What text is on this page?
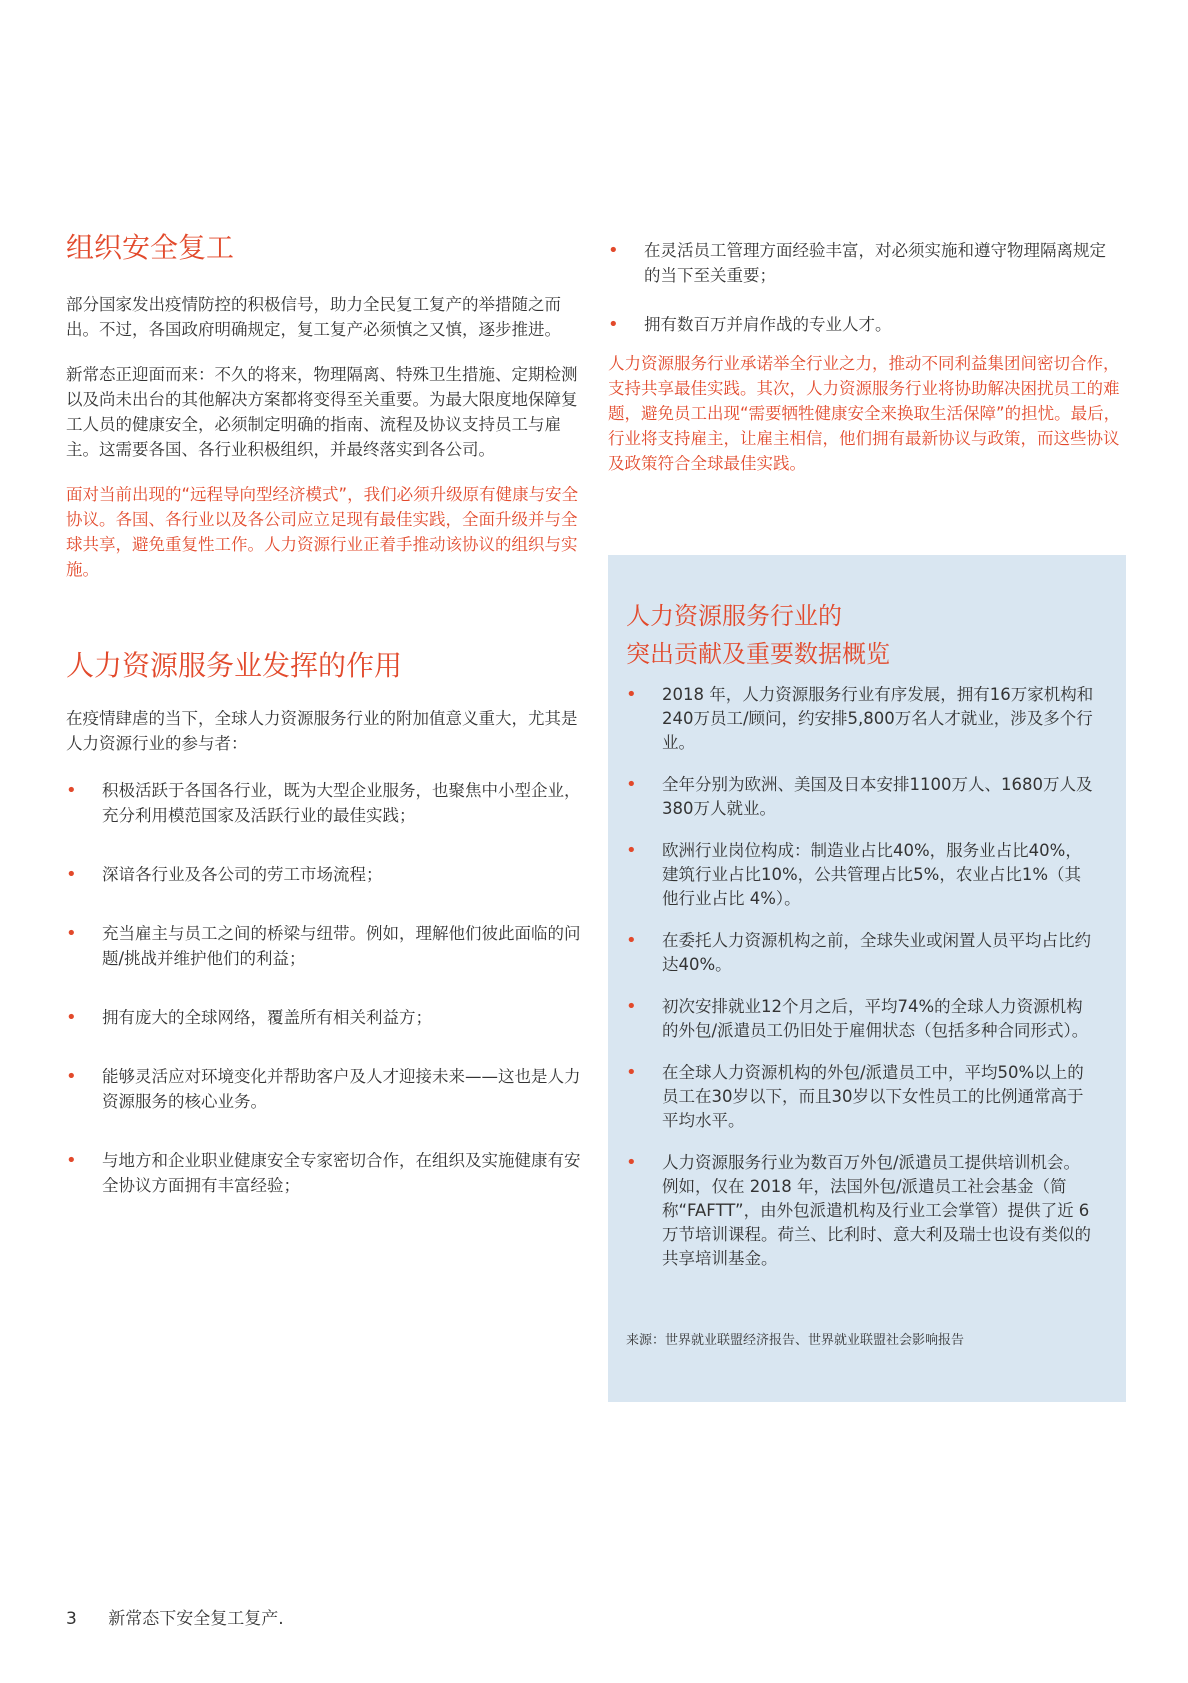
组织安全复工

部分国家发出疫情防控的积极信号，助力全民复工复产的举措随之而出。不过，各国政府明确规定，复工复产必须慎之又慎，逐步推进。

新常态正迎面而来：不久的将来，物理隔离、特殊卫生措施、定期检测以及尚未出台的其他解决方案都将变得至关重要。为最大限度地保障复工人员的健康安全，必须制定明确的指南、流程及协议支持员工与雇主。这需要各国、各行业积极组织，并最终落实到各公司。

面对当前出现的“远程导向型经济模式”，我们必须升级原有健康与安全协议。各国、各行业以及各公司应立足现有最佳实践，全面升级并与全球共享，避免重复性工作。人力资源行业正着手推动该协议的组织与实施。

人力资源服务业发挥的作用

在疫情肆虐的当下，全球人力资源服务行业的附加值意义重大，尤其是人力资源行业的参与者：

• 积极活跃于各国各行业，既为大型企业服务，也聚焦中小型企业，充分利用模范国家及活跃行业的最佳实践；
• 深谙各行业及各公司的劳工市场流程；
• 充当雇主与员工之间的桥梁与纽带。例如，理解他们彼此面临的问题/挑战并维护他们的利益；
• 拥有庞大的全球网络，覆盖所有相关利益方；
• 能够灵活应对环境变化并帮助客户及人才迎接未来——这也是人力资源服务的核心业务。
• 与地方和企业职业健康安全专家密切合作，在组织及实施健康有安全协议方面拥有丰富经验；
• 在灵活员工管理方面经验丰富，对必须实施和遵守物理隔离规定的当下至关重要；
• 拥有数百万并肩作战的专业人才。

人力资源服务行业承诺举全行业之力，推动不同利益集团间密切合作，支持共享最佳实践。其次，人力资源服务行业将协助解决困扰员工的难题，避免员工出现“需要牺牲健康安全来换取生活保障”的担忧。最后，行业将支持雇主，让雇主相信，他们拥有最新协议与政策，而这些协议及政策符合全球最佳实践。

人力资源服务行业的
突出贡献及重要数据概览
• 2018 年，人力资源服务行业有序发展，拥有16万家机构和240万员工/顾问，约安排5,800万名人才就业，涉及多个行业。
• 全年分别为欧洲、美国及日本安排1100万人、1680万人及380万人就业。
• 欧洲行业岗位构成：制造业占比40%，服务业占比40%，建筑行业占比10%，公共管理占比5%，农业占比1%（其他行业占比 4%）。
• 在委托人力资源机构之前，全球失业或闲置人员平均占比约达40%。
• 初次安排就业12个月之后，平均74%的全球人力资源机构的外包/派遣员工仍旧处于雇佣状态（包括多种合同形式）。
• 在全球人力资源机构的外包/派遣员工中，平均50%以上的员工在30岁以下，而且30岁以下女性员工的比例通常高于平均水平。
• 人力资源服务行业为数百万外包/派遣员工提供培训机会。例如，仅在 2018 年，法国外包/派遣员工社会基金（简称“FAFTT”，由外包派遣机构及行业工会掌管）提供了近 6 万节培训课程。荷兰、比利时、意大利及瑞士也设有类似的共享培训基金。
来源：世界就业联盟经济报告、世界就业联盟社会影响报告
3 新常态下安全复工复产.
